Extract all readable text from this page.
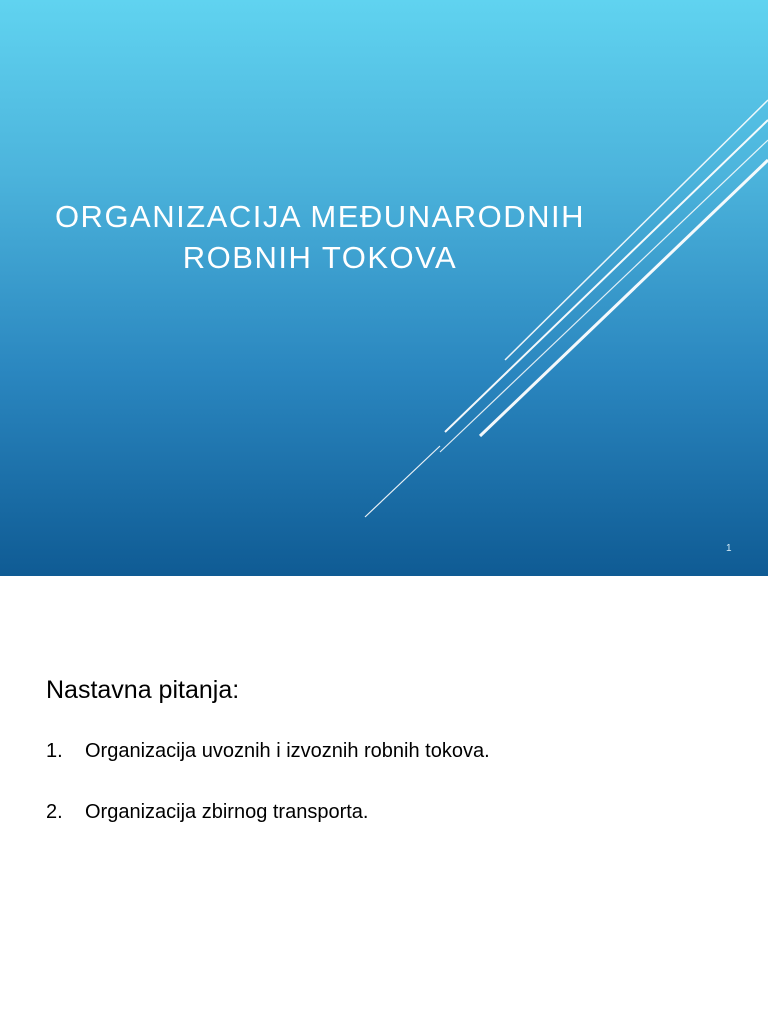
ORGANIZACIJA MEĐUNARODNIH
ROBNIH TOKOVA
1
Nastavna pitanja:
1.	Organizacija uvoznih i izvoznih robnih tokova.
2.	Organizacija zbirnog transporta.
